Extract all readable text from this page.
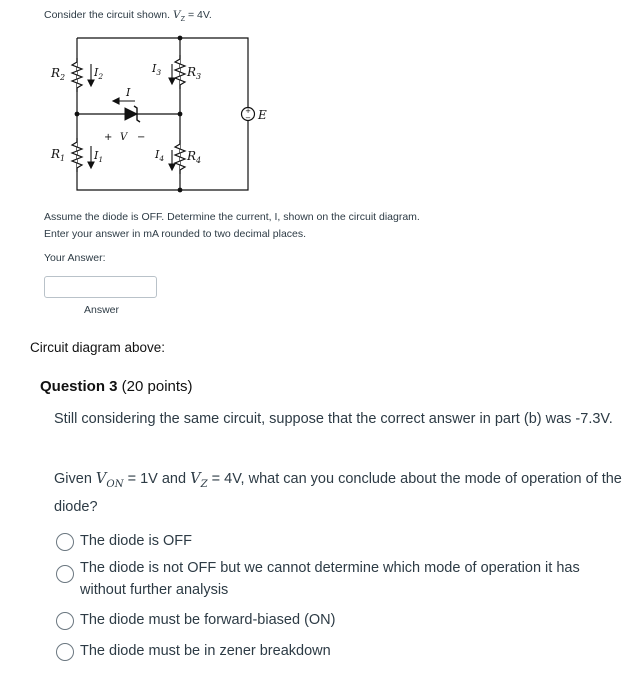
Consider the circuit shown. $V_Z = 4V$.
+
−
$R_2$	$I_2$
$R_1$	$I_1$
$I_3$ $R_3$
$I_4$ $R_4$
I
E
+ V −
Assume the diode is OFF. Determine the current, I, shown on the circuit diagram.
Enter your answer in mA rounded to two decimal places.
Your Answer:
Answer
Circuit diagram above:
Question 3 (20 points)
Still considering the same circuit, suppose that the correct answer in part (b) was -7.3V.
Given $V_{ON} = 1V$ and $V_Z = 4V$, what can you conclude about the mode of operation of the diode?
The diode is OFF
The diode is not OFF but we cannot determine which mode of operation it has without further analysis
The diode must be forward-biased (ON)
The diode must be in zener breakdown
